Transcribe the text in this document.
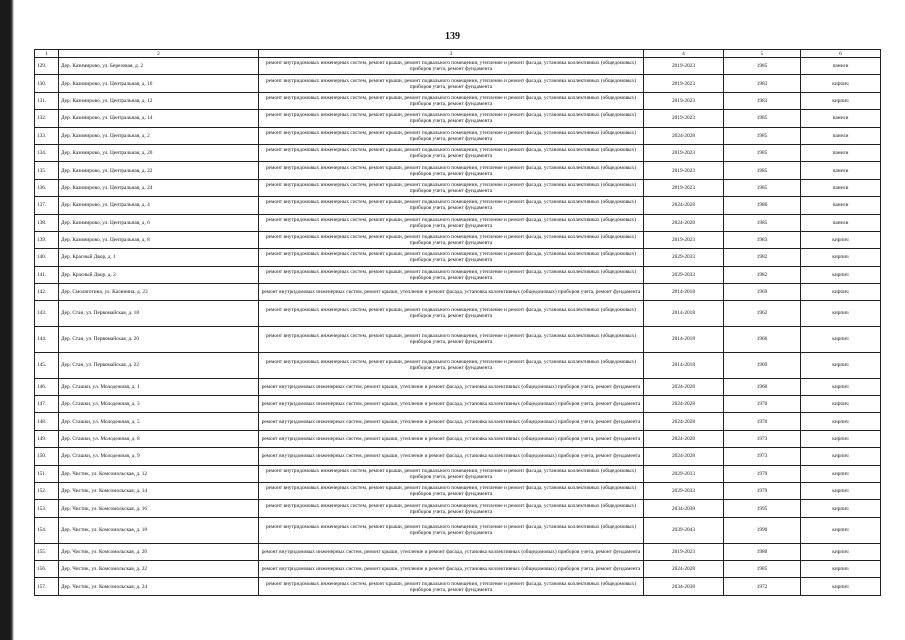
139
1	2	3	4	5	6
129.	Дер. Казимирово, ул. Березовая, д. 2	ремонт внутридомовых инженерных систем, ремонт крыши, ремонт подвального помещения, утепление и ремонт фасада, установка коллективных (общедомовых) приборов учета, ремонт фундамента	2019-2023	1985	панели
130.	Дер. Казимирово, ул. Центральная, д. 10	ремонт внутридомовых инженерных систем, ремонт крыши, ремонт подвального помещения, утепление и ремонт фасада, установка коллективных (общедомовых) приборов учета, ремонт фундамента	2019-2023	1983	кирпич
131.	Дер. Казимирово, ул. Центральная, д. 12	ремонт внутридомовых инженерных систем, ремонт крыши, ремонт подвального помещения, утепление и ремонт фасада, установка коллективных (общедомовых) приборов учета, ремонт фундамента	2019-2023	1983	кирпич
132.	Дер. Казимирово, ул. Центральная, д. 14	ремонт внутридомовых инженерных систем, ремонт крыши, ремонт подвального помещения, утепление и ремонт фасада, установка коллективных (общедомовых) приборов учета, ремонт фундамента	2019-2023	1985	панели
133.	Дер. Казимирово, ул. Центральная, д. 2	ремонт внутридомовых инженерных систем, ремонт крыши, ремонт подвального помещения, утепление и ремонт фасада, установка коллективных (общедомовых) приборов учета, ремонт фундамента	2024-2028	1985	панели
134.	Дер. Казимирово, ул. Центральная, д. 20	ремонт внутридомовых инженерных систем, ремонт крыши, ремонт подвального помещения, утепление и ремонт фасада, установка коллективных (общедомовых) приборов учета, ремонт фундамента	2019-2023	1985	панели
135.	Дер. Казимирово, ул. Центральная, д. 22	ремонт внутридомовых инженерных систем, ремонт крыши, ремонт подвального помещения, утепление и ремонт фасада, установка коллективных (общедомовых) приборов учета, ремонт фундамента	2019-2023	1985	панели
136.	Дер. Казимирово, ул. Центральная, д. 24	ремонт внутридомовых инженерных систем, ремонт крыши, ремонт подвального помещения, утепление и ремонт фасада, установка коллективных (общедомовых) приборов учета, ремонт фундамента	2019-2023	1985	панели
137.	Дер. Казимирово, ул. Центральная, д. 4	ремонт внутридомовых инженерных систем, ремонт крыши, ремонт подвального помещения, утепление и ремонт фасада, установка коллективных (общедомовых) приборов учета, ремонт фундамента	2024-2028	1986	панели
138.	Дер. Казимирово, ул. Центральная, д. 6	ремонт внутридомовых инженерных систем, ремонт крыши, ремонт подвального помещения, утепление и ремонт фасада, установка коллективных (общедомовых) приборов учета, ремонт фундамента	2024-2028	1985	панели
139.	Дер. Казимирово, ул. Центральная, д. 8	ремонт внутридомовых инженерных систем, ремонт крыши, ремонт подвального помещения, утепление и ремонт фасада, установка коллективных (общедомовых) приборов учета, ремонт фундамента	2019-2023	1983	кирпич
140.	Дер. Красный Двор, д. 1	ремонт внутридомовых инженерных систем, ремонт крыши, ремонт подвального помещения, утепление и ремонт фасада, установка коллективных (общедомовых) приборов учета, ремонт фундамента	2029-2033	1982	кирпич
141.	Дер. Красный Двор, д. 2	ремонт внутридомовых инженерных систем, ремонт крыши, ремонт подвального помещения, утепление и ремонт фасада, установка коллективных (общедомовых) приборов учета, ремонт фундамента	2029-2033	1982	кирпич
142.	Дер. Смоляготина, ул. Калинина, д. 23	ремонт внутридомовых инженерных систем, ремонт крыши, утепление и ремонт фасада, установка коллективных (общедомовых) приборов учета, ремонт фундамента	2014-2018	1969	кирпич
143.	Дер. Стан, ул. Первомайская, д. 18	ремонт внутридомовых инженерных систем, ремонт крыши, ремонт подвального помещения, утепление и ремонт фасада, установка коллективных (общедомовых) приборов учета, ремонт фундамента	2014-2018	1962	кирпич
144.	Дер. Стан, ул. Первомайская, д. 20	ремонт внутридомовых инженерных систем, ремонт крыши, ремонт подвального помещения, утепление и ремонт фасада, установка коллективных (общедомовых) приборов учета, ремонт фундамента	2014-2018	1966	кирпич
145.	Дер. Стан, ул. Первомайская, д. 22	ремонт внутридомовых инженерных систем, ремонт крыши, ремонт подвального помещения, утепление и ремонт фасада, установка коллективных (общедомовых) приборов учета, ремонт фундамента	2014-2018	1969	кирпич
146.	Дер. Сташки, ул. Молодежная, д. 1	ремонт внутридомовых инженерных систем, ремонт крыши, утепление и ремонт фасада, установка коллективных (общедомовых) приборов учета, ремонт фундамента	2024-2028	1960	кирпич
147.	Дер. Сташки, ул. Молодежная, д. 3	ремонт внутридомовых инженерных систем, ремонт крыши, утепление и ремонт фасада, установка коллективных (общедомовых) приборов учета, ремонт фундамента	2024-2028	1970	кирпич
148.	Дер. Сташки, ул. Молодежная, д. 5	ремонт внутридомовых инженерных систем, ремонт крыши, утепление и ремонт фасада, установка коллективных (общедомовых) приборов учета, ремонт фундамента	2024-2028	1970	кирпич
149.	Дер. Сташки, ул. Молодежная, д. 8	ремонт внутридомовых инженерных систем, ремонт крыши, утепление и ремонт фасада, установка коллективных (общедомовых) приборов учета, ремонт фундамента	2024-2028	1973	кирпич
150.	Дер. Сташки, ул. Молодежная, д. 9	ремонт внутридомовых инженерных систем, ремонт крыши, утепление и ремонт фасада, установка коллективных (общедомовых) приборов учета, ремонт фундамента	2024-2028	1973	кирпич
151.	Дер. Чистик, ул. Комсомольская, д. 12	ремонт внутридомовых инженерных систем, ремонт крыши, ремонт подвального помещения, утепление и ремонт фасада, установка коллективных (общедомовых) приборов учета, ремонт фундамента	2029-2033	1979	кирпич
152.	Дер. Чистик, ул. Комсомольская, д. 14	ремонт внутридомовых инженерных систем, ремонт крыши, ремонт подвального помещения, утепление и ремонт фасада, установка коллективных (общедомовых) приборов учета, ремонт фундамента	2029-2033	1979	кирпич
153.	Дер. Чистик, ул. Комсомольская, д. 16	ремонт внутридомовых инженерных систем, ремонт крыши, ремонт подвального помещения, утепление и ремонт фасада, установка коллективных (общедомовых) приборов учета, ремонт фундамента	2034-2038	1995	кирпич
154.	Дер. Чистик, ул. Комсомольская, д. 18	ремонт внутридомовых инженерных систем, ремонт крыши, ремонт подвального помещения, утепление и ремонт фасада, установка коллективных (общедомовых) приборов учета, ремонт фундамента	2039-2043	1990	кирпич
155.	Дер. Чистик, ул. Комсомольская, д. 20	ремонт внутридомовых инженерных систем, ремонт крыши, утепление и ремонт фасада, установка коллективных (общедомовых) приборов учета, ремонт фундамента	2019-2023	1980	кирпич
156.	Дер. Чистик, ул. Комсомольская, д. 22	ремонт внутридомовых инженерных систем, ремонт крыши, утепление и ремонт фасада, установка коллективных (общедомовых) приборов учета, ремонт фундамента	2024-2028	1985	кирпич
157.	Дер. Чистик, ул. Комсомольская, д. 24	ремонт внутридомовых инженерных систем, ремонт крыши, ремонт подвального помещения, утепление и ремонт фасада, установка коллективных (общедомовых) приборов учета, ремонт фундамента	2034-2038	1972	кирпич
